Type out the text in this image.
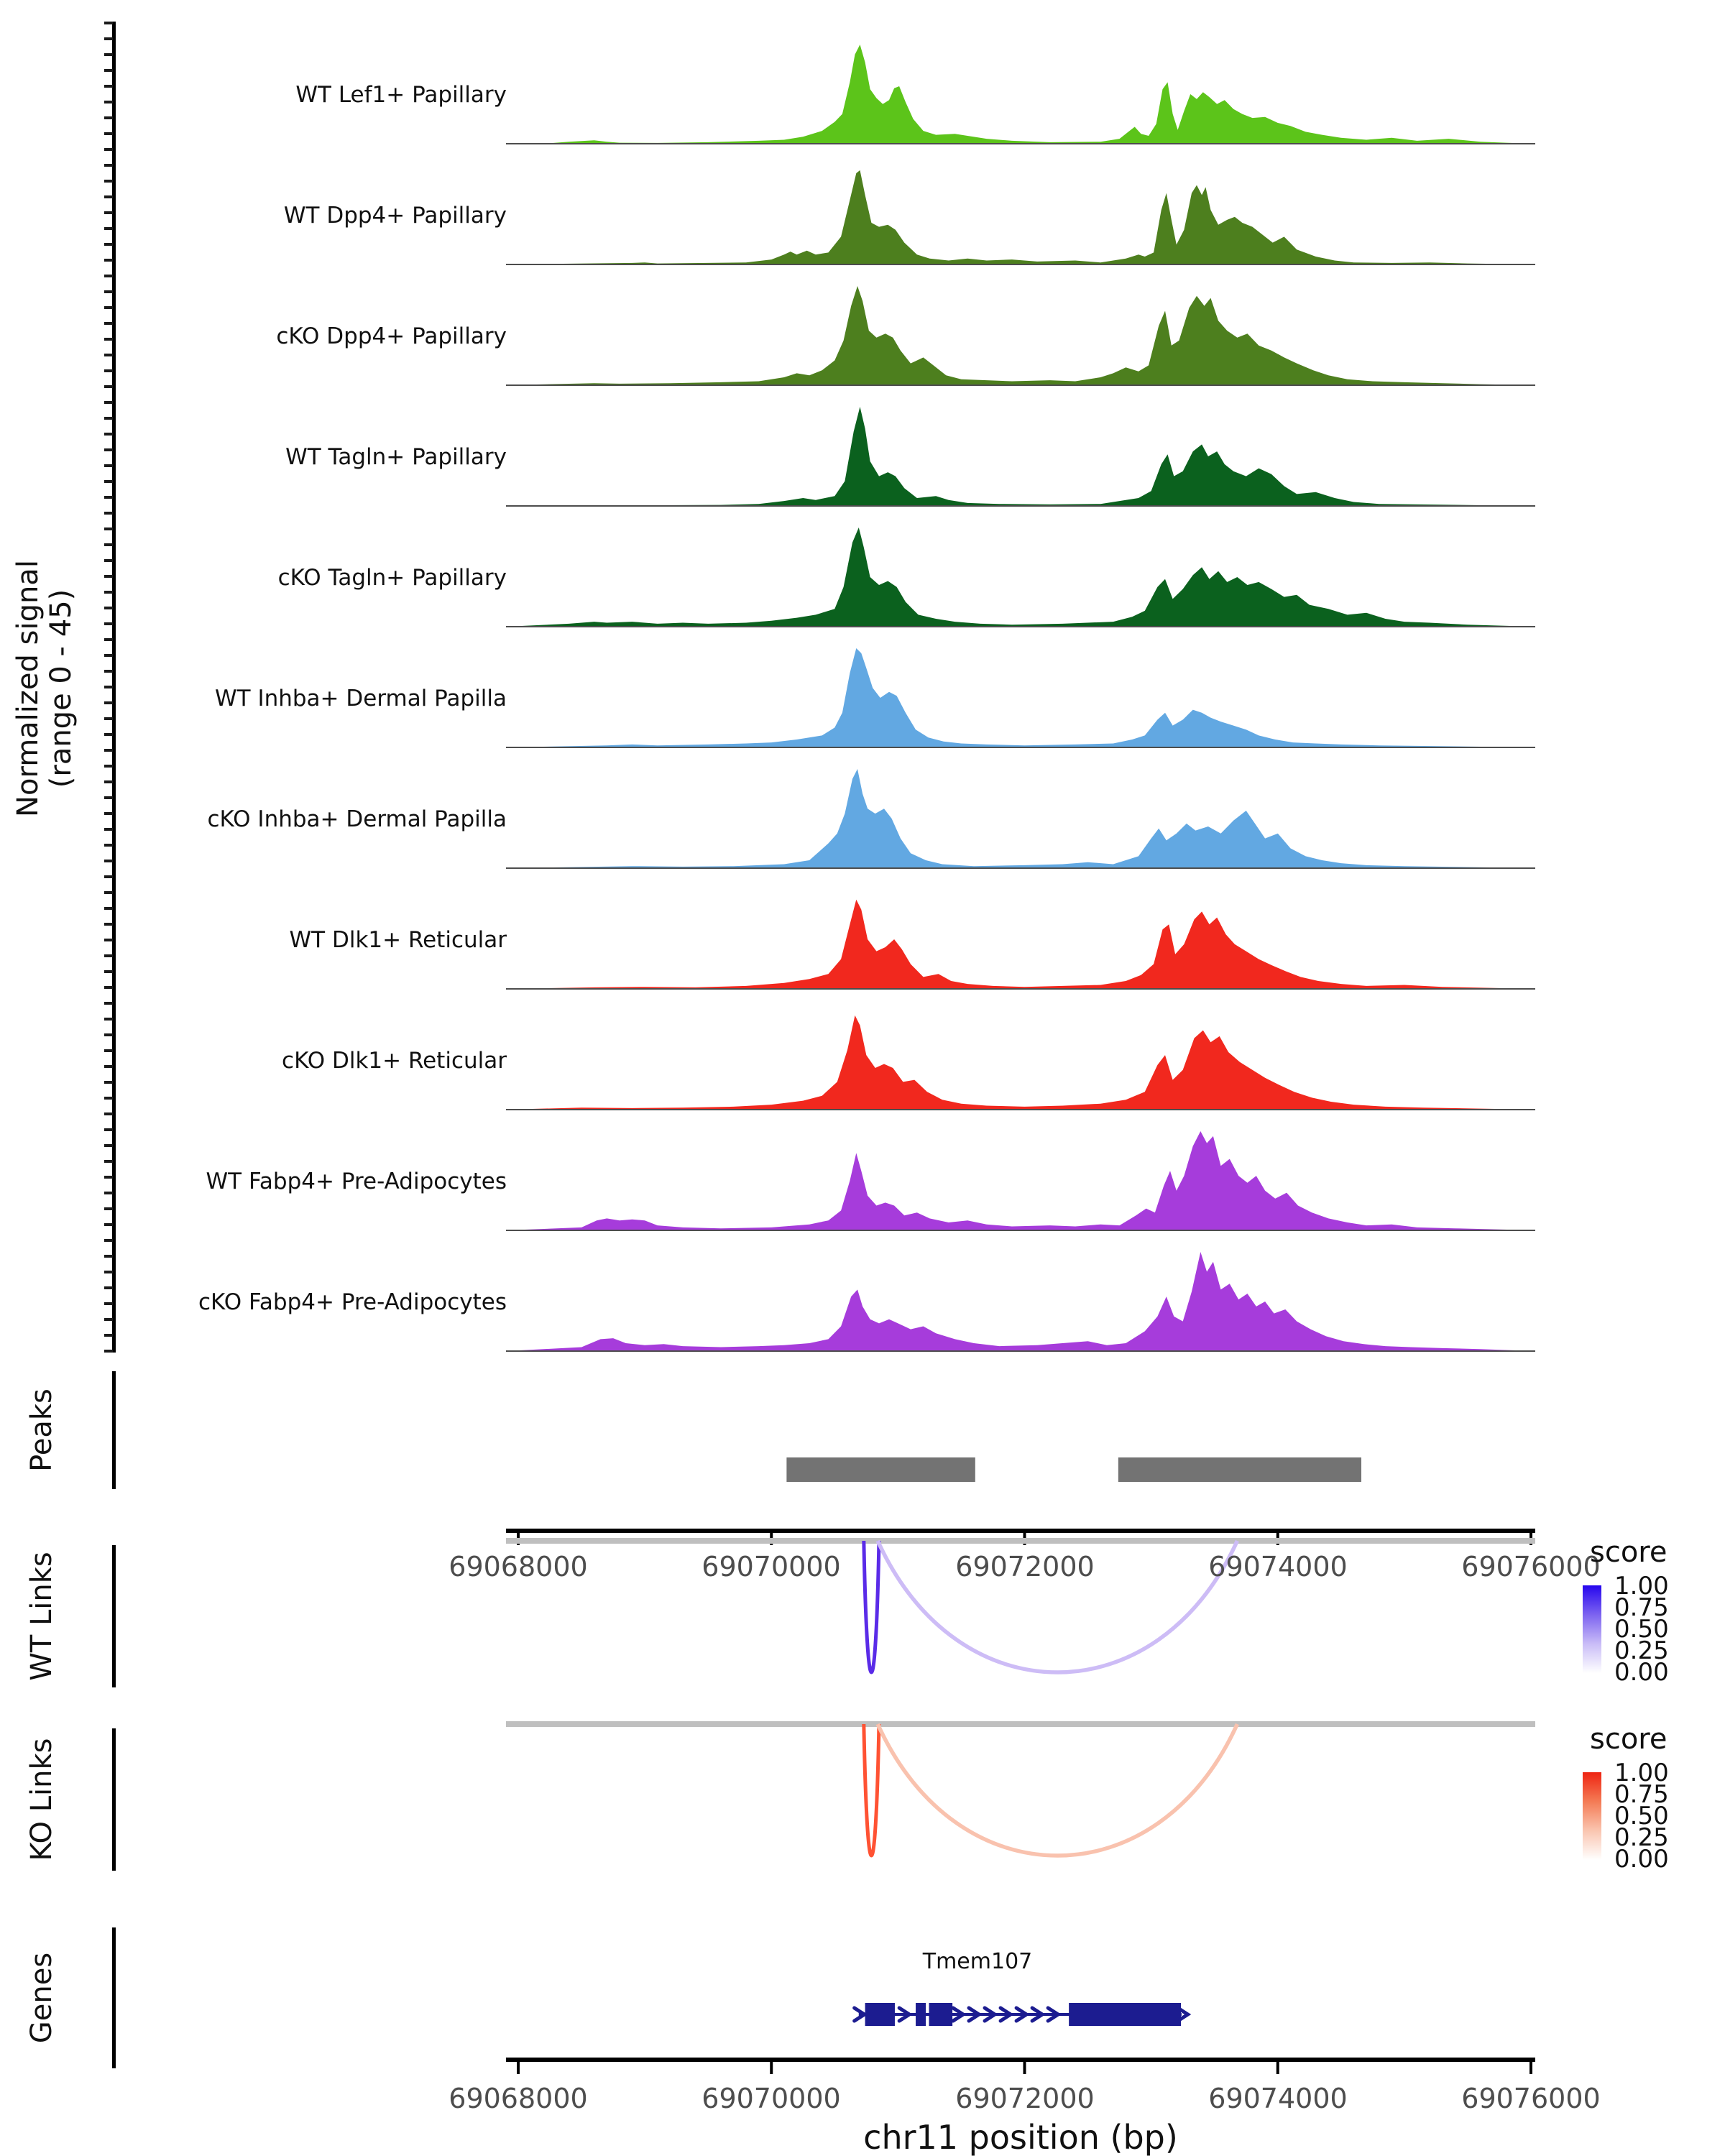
Normalized signal (range 0 - 45)
Peaks
WT Links
KO Links
Genes
WT Lef1+ Papillary
WT Dpp4+ Papillary
cKO Dpp4+ Papillary
WT Tagln+ Papillary
cKO Tagln+ Papillary
WT Inhba+ Dermal Papilla
cKO Inhba+ Dermal Papilla
WT Dlk1+ Reticular
cKO Dlk1+ Reticular
WT Fabp4+ Pre-Adipocytes
cKO Fabp4+ Pre-Adipocytes
69068000	69070000	69072000	69074000	69076000
score
1.00
0.75
0.50
0.25
0.00
score
1.00
0.75
0.50
0.25
0.00
Tmem107
69068000	69070000	69072000	69074000	69076000
chr11 position (bp)
